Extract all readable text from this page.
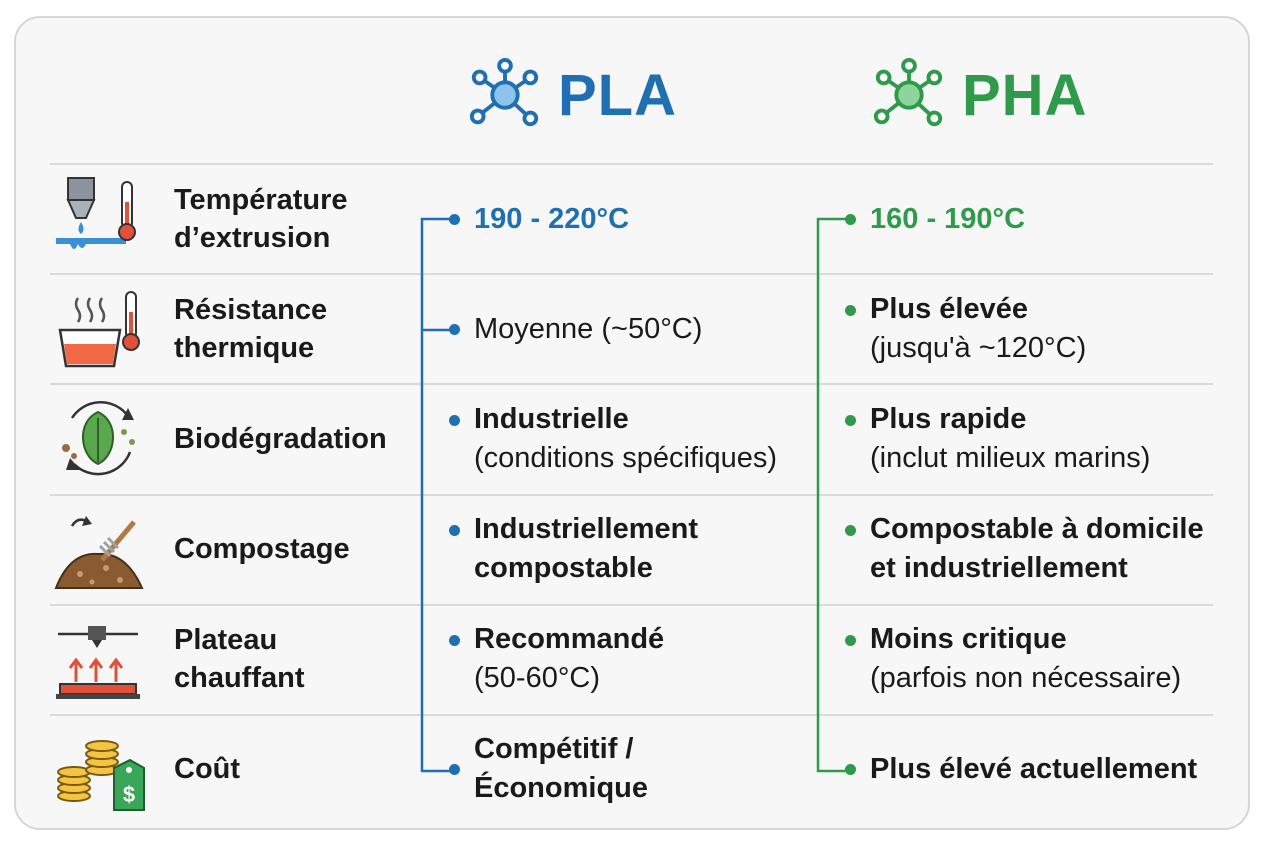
PLA	PHA
Température
d’extrusion
190 - 220°C	160 - 190°C
Résistance
thermique
Moyenne (~50°C)
Plus élevée
(jusqu'à ~120°C)
Biodégradation
Industrielle
(conditions spécifiques)
Plus rapide
(inclut milieux marins)
Compostage
Industriellement
compostable
Compostable à domicile
et industriellement
Plateau
chauffant
Recommandé
(50-60°C)
Moins critique
(parfois non nécessaire)
$
Coût
Compétitif /
Économique
Plus élevé actuellement
